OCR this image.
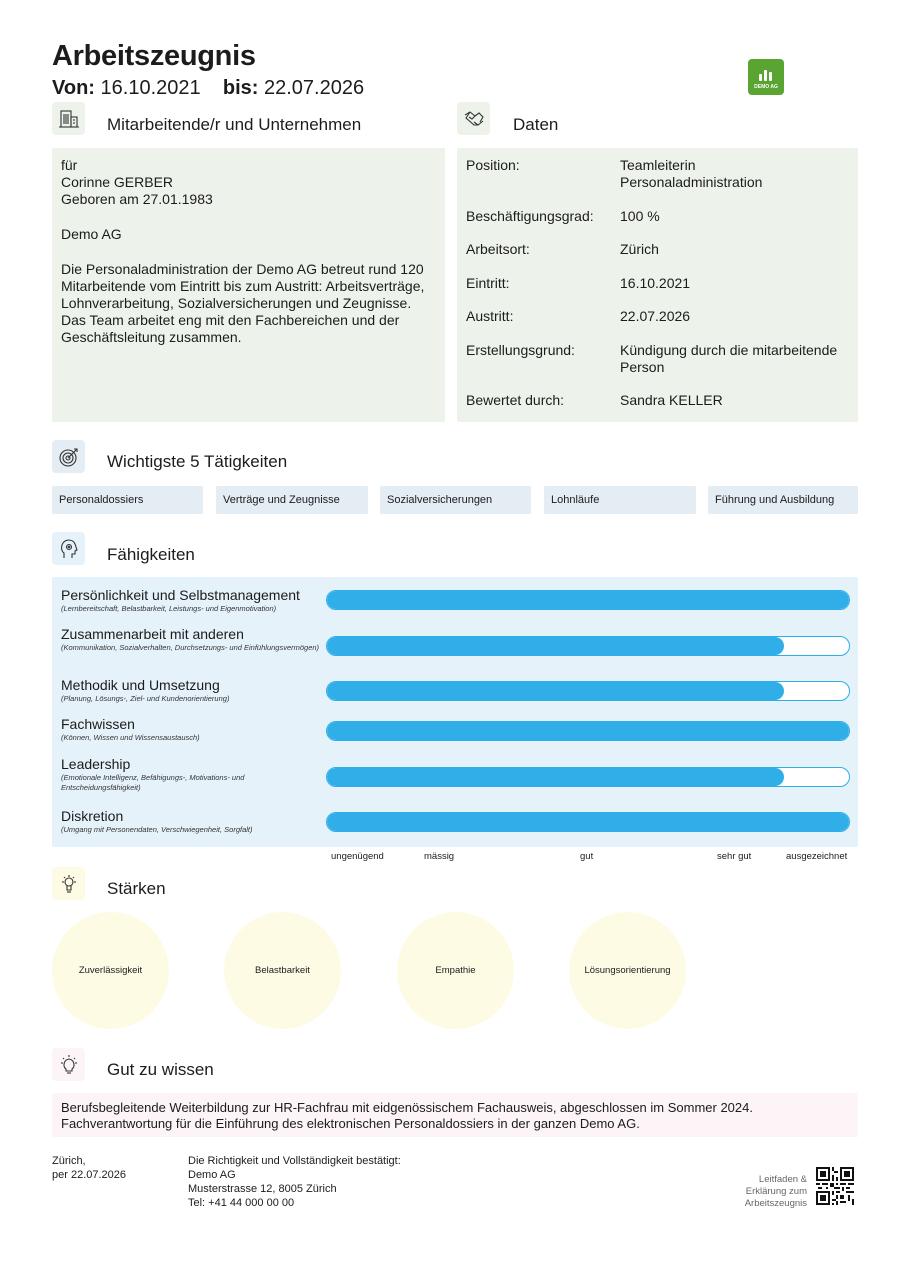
Arbeitszeugnis
Von: 16.10.2021 bis: 22.07.2026	DEMO AG
Mitarbeitende/r und Unternehmen
für
Corinne GERBER
Geboren am 27.01.1983
Demo AG
Die Personaladministration der Demo AG betreut rund 120 Mitarbeitende vom Eintritt bis zum Austritt: Arbeitsverträge, Lohnverarbeitung, Sozialversicherungen und Zeugnisse. Das Team arbeitet eng mit den Fachbereichen und der Geschäftsleitung zusammen.
Daten
Position:	Teamleiterin Personaladministration
Beschäftigungsgrad: 100 %
Arbeitsort:	Zürich
Eintritt:	16.10.2021
Austritt:	22.07.2026
Erstellungsgrund:	Kündigung durch die mitarbeitende Person
Bewertet durch:	Sandra KELLER
Wichtigste 5 Tätigkeiten
Personaldossiers	Verträge und Zeugnisse	Sozialversicherungen	Lohnläufe	Führung und Ausbildung
Fähigkeiten
Persönlichkeit und Selbstmanagement
(Lernbereitschaft, Belastbarkeit, Leistungs- und Eigenmotivation)
Zusammenarbeit mit anderen
(Kommunikation, Sozialverhalten, Durchsetzungs- und Einfühlungsvermögen)
Methodik und Umsetzung
(Planung, Lösungs-, Ziel- und Kundenorientierung)
Fachwissen
(Können, Wissen und Wissensaustausch)
Leadership
(Emotionale Intelligenz, Befähigungs-, Motivations- und Entscheidungsfähigkeit)
Diskretion
(Umgang mit Personendaten, Verschwiegenheit, Sorgfalt)
ungenügend	mässig	gut	sehr gut	ausgezeichnet
Stärken
Zuverlässigkeit	Belastbarkeit	Empathie	Lösungsorientierung
Gut zu wissen
Berufsbegleitende Weiterbildung zur HR-Fachfrau mit eidgenössischem Fachausweis, abgeschlossen im Sommer 2024.
Fachverantwortung für die Einführung des elektronischen Personaldossiers in der ganzen Demo AG.
Zürich,
per 22.07.2026
Die Richtigkeit und Vollständigkeit bestätigt:
Demo AG
Musterstrasse 12, 8005 Zürich
Tel: +41 44 000 00 00
Leitfaden &
Erklärung zum
Arbeitszeugnis
